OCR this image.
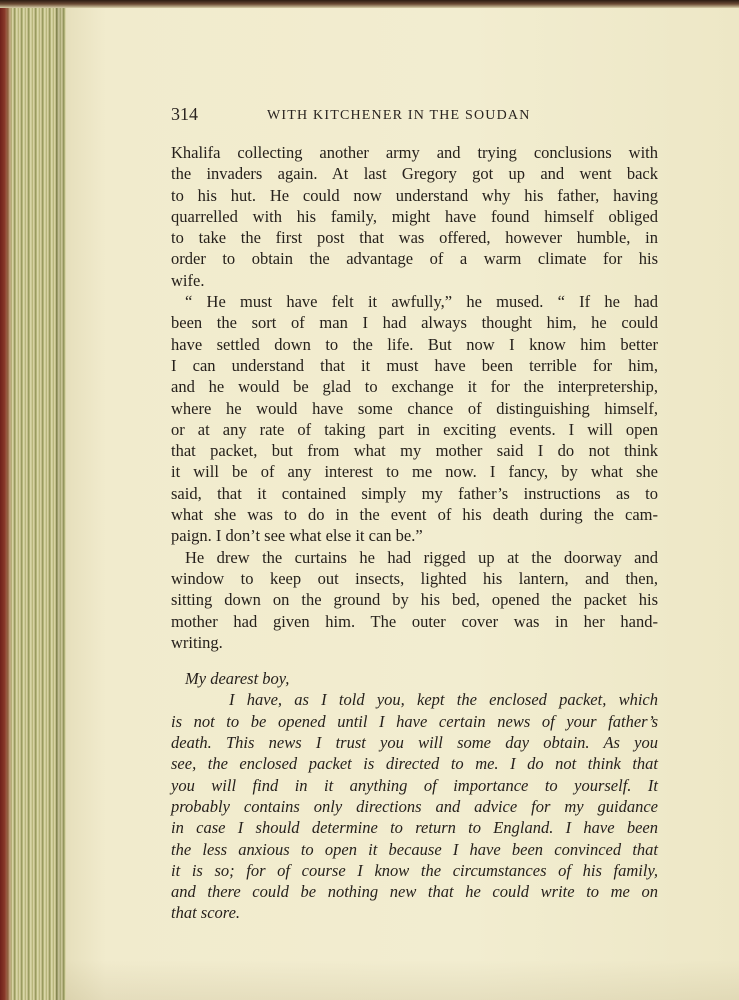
314	WITH KITCHENER IN THE SOUDAN
Khalifa collecting another army and trying conclusions with
the invaders again. At last Gregory got up and went back
to his hut. He could now understand why his father, having
quarrelled with his family, might have found himself obliged
to take the first post that was offered, however humble, in
order to obtain the advantage of a warm climate for his
wife.
“ He must have felt it awfully,” he mused. “ If he had
been the sort of man I had always thought him, he could
have settled down to the life. But now I know him better
I can understand that it must have been terrible for him,
and he would be glad to exchange it for the interpretership,
where he would have some chance of distinguishing himself,
or at any rate of taking part in exciting events. I will open
that packet, but from what my mother said I do not think
it will be of any interest to me now. I fancy, by what she
said, that it contained simply my father’s instructions as to
what she was to do in the event of his death during the cam-
paign. I don’t see what else it can be.”
He drew the curtains he had rigged up at the doorway and
window to keep out insects, lighted his lantern, and then,
sitting down on the ground by his bed, opened the packet his
mother had given him. The outer cover was in her hand-
writing.
My dearest boy,
I have, as I told you, kept the enclosed packet, which
is not to be opened until I have certain news of your father’s
death. This news I trust you will some day obtain. As you
see, the enclosed packet is directed to me. I do not think that
you will find in it anything of importance to yourself. It
probably contains only directions and advice for my guidance
in case I should determine to return to England. I have been
the less anxious to open it because I have been convinced that
it is so; for of course I know the circumstances of his family,
and there could be nothing new that he could write to me on
that score.
